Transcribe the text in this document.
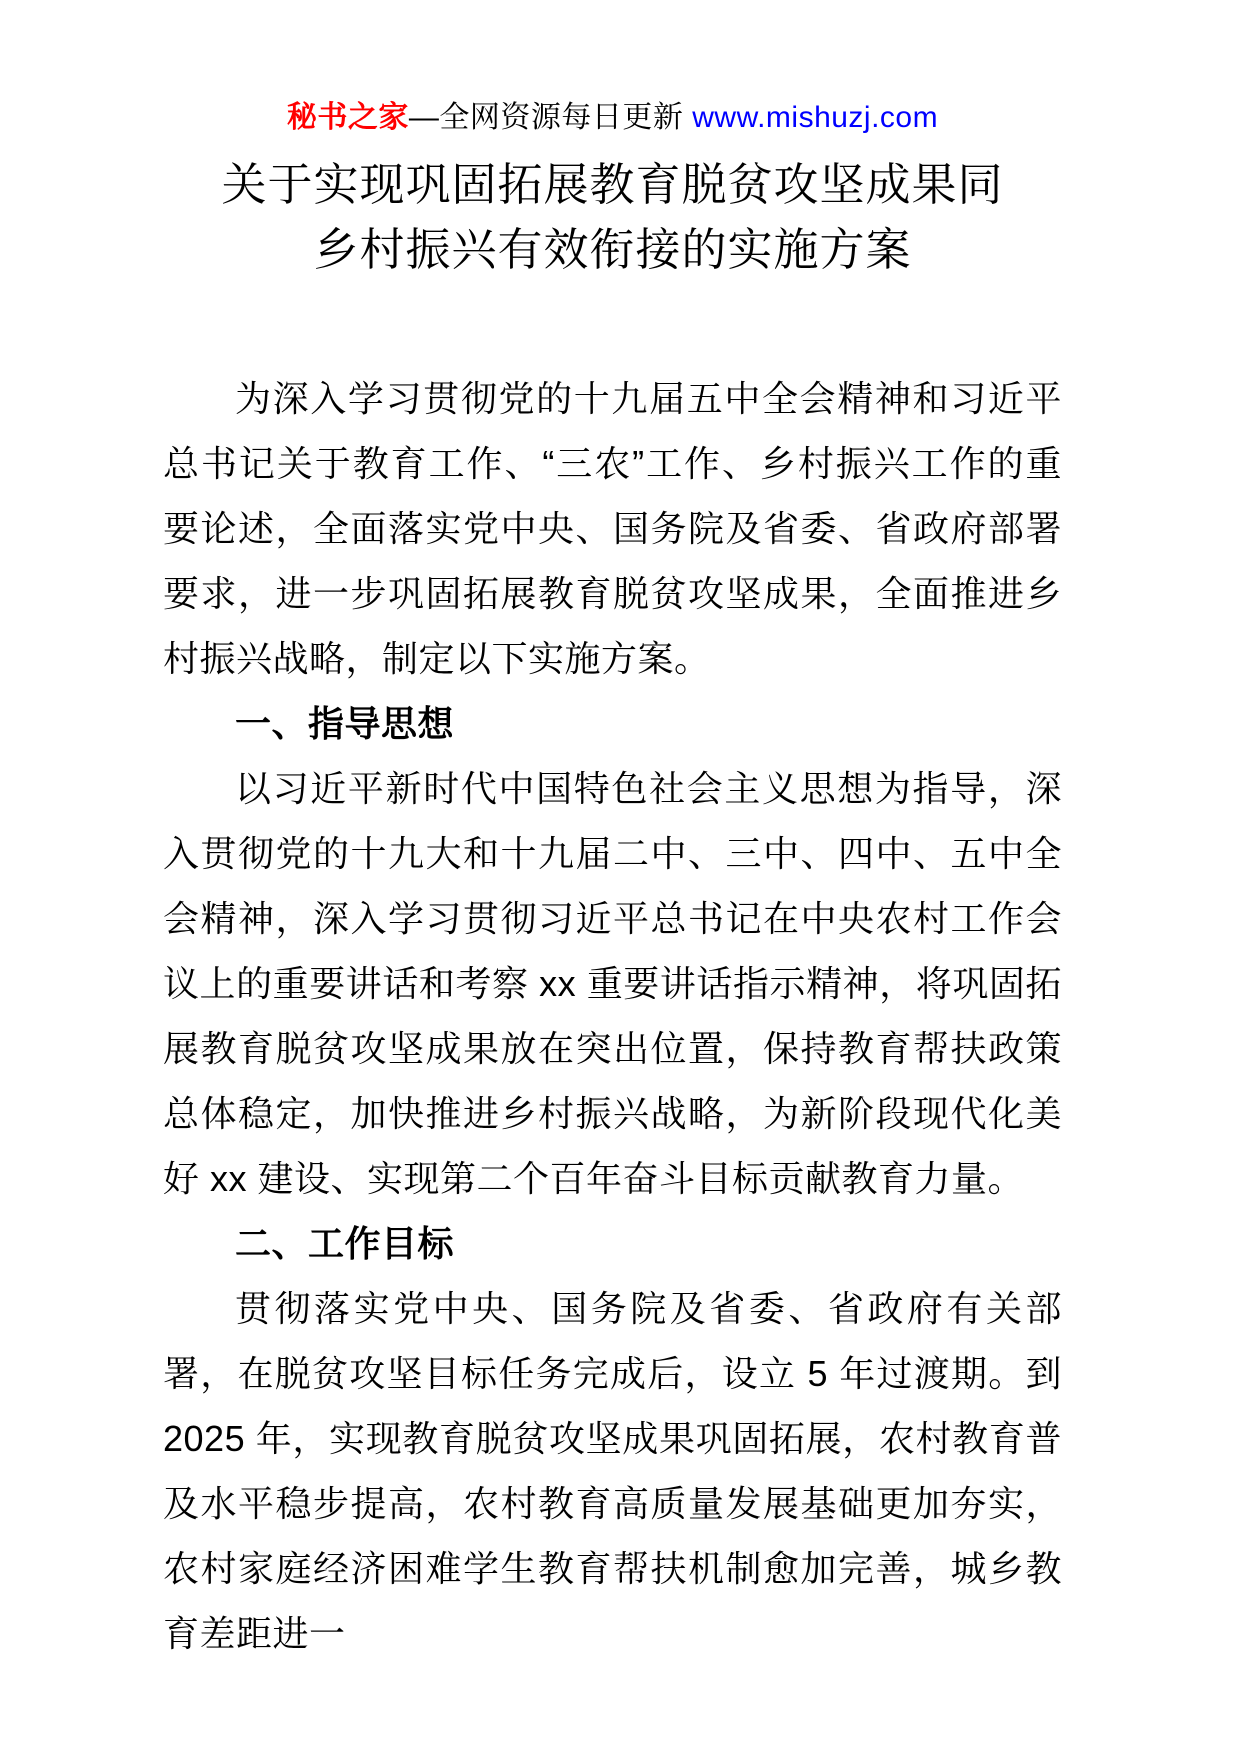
秘书之家—全网资源每日更新 www.mishuzj.com
关于实现巩固拓展教育脱贫攻坚成果同
乡村振兴有效衔接的实施方案

为深入学习贯彻党的十九届五中全会精神和习近平总书记关于教育工作、“三农”工作、乡村振兴工作的重要论述，全面落实党中央、国务院及省委、省政府部署要求，进一步巩固拓展教育脱贫攻坚成果，全面推进乡村振兴战略，制定以下实施方案。

一、指导思想

以习近平新时代中国特色社会主义思想为指导，深入贯彻党的十九大和十九届二中、三中、四中、五中全会精神，深入学习贯彻习近平总书记在中央农村工作会议上的重要讲话和考察 xx 重要讲话指示精神，将巩固拓展教育脱贫攻坚成果放在突出位置，保持教育帮扶政策总体稳定，加快推进乡村振兴战略，为新阶段现代化美好 xx 建设、实现第二个百年奋斗目标贡献教育力量。

二、工作目标

贯彻落实党中央、国务院及省委、省政府有关部署，在脱贫攻坚目标任务完成后，设立 5 年过渡期。到 2025 年，实现教育脱贫攻坚成果巩固拓展，农村教育普及水平稳步提高，农村教育高质量发展基础更加夯实，农村家庭经济困难学生教育帮扶机制愈加完善，城乡教育差距进一
